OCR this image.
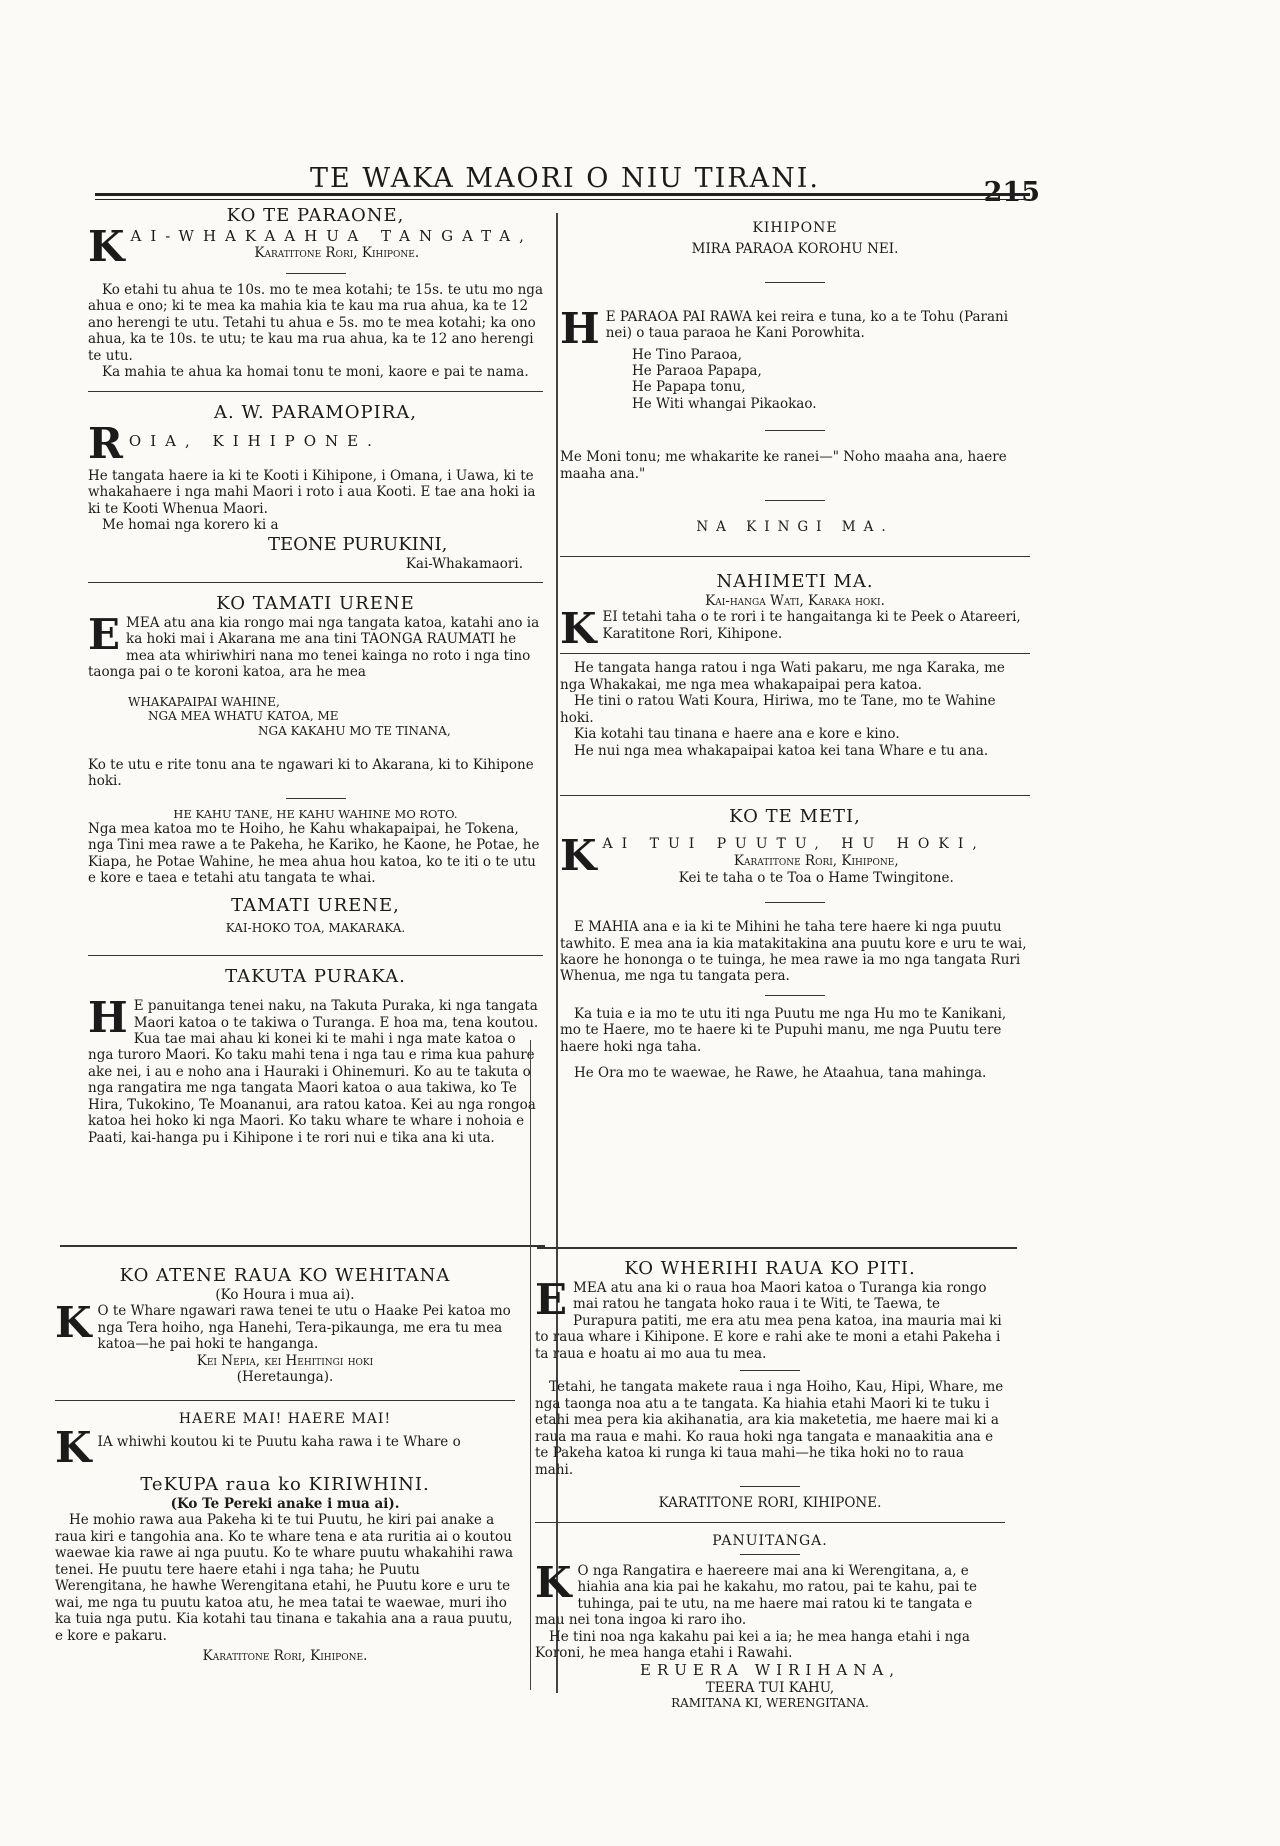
TE WAKA MAORI O NIU TIRANI.	215
KO TE PARAONE,
K AI-WHAKAAHUA TANGATA,
Karatitone Rori, Kihipone.

Ko etahi tu ahua te 10s. mo te mea kotahi; te 15s. te utu mo nga ahua e ono; ki te mea ka mahia kia te kau ma rua ahua, ka te 12 ano herengi te utu. Tetahi tu ahua e 5s. mo te mea kotahi; ka ono ahua, ka te 10s. te utu; te kau ma rua ahua, ka te 12 ano herengi te utu.

Ka mahia te ahua ka homai tonu te moni, kaore e pai te nama.

A. W. PARAMOPIRA,
R OIA, KIHIPONE.

He tangata haere ia ki te Kooti i Kihipone, i Omana, i Uawa, ki te whakahaere i nga mahi Maori i roto i aua Kooti. E tae ana hoki ia ki te Kooti Whenua Maori.

Me homai nga korero ki a

TEONE PURUKINI,
Kai-Whakamaori.
KO TAMATI URENE
E MEA atu ana kia rongo mai nga tangata katoa, katahi ano ia ka hoki mai i Akarana me ana tini TAONGA RAUMATI he mea ata whiriwhiri nana mo tenei kainga no roto i nga tino taonga pai o te koroni katoa, ara he mea

WHAKAPAIPAI WAHINE,
NGA MEA WHATU KATOA, ME
NGA KAKAHU MO TE TINANA,

Ko te utu e rite tonu ana te ngawari ki to Akarana, ki to Kihipone hoki.

HE KAHU TANE, HE KAHU WAHINE MO ROTO.

Nga mea katoa mo te Hoiho, he Kahu whakapaipai, he Tokena, nga Tini mea rawe a te Pakeha, he Kariko, he Kaone, he Potae, he Kiapa, he Potae Wahine, he mea ahua hou katoa, ko te iti o te utu e kore e taea e tetahi atu tangata te whai.

TAMATI URENE,
KAI-HOKO TOA, MAKARAKA.
TAKUTA PURAKA.
H E panuitanga tenei naku, na Takuta Puraka, ki nga tangata Maori katoa o te takiwa o Turanga. E hoa ma, tena koutou. Kua tae mai ahau ki konei ki te mahi i nga mate katoa o nga turoro Maori. Ko taku mahi tena i nga tau e rima kua pahure ake nei, i au e noho ana i Hauraki i Ohinemuri. Ko au te takuta o nga rangatira me nga tangata Maori katoa o aua takiwa, ko Te Hira, Tukokino, Te Moananui, ara ratou katoa. Kei au nga rongoa katoa hei hoko ki nga Maori. Ko taku whare te whare i nohoia e Paati, kai-hanga pu i Kihipone i te rori nui e tika ana ki uta.

KO ATENE RAUA KO WEHITANA
(Ko Houra i mua ai).
K O te Whare ngawari rawa tenei te utu o Haake Pei katoa mo nga Tera hoiho, nga Hanehi, Tera-pikaunga, me era tu mea katoa—he pai hoki te hanganga.

Kei Nepia, kei Hehitingi hoki
(Heretaunga).
HAERE MAI! HAERE MAI!
K IA whiwhi koutou ki te Puutu kaha rawa i te Whare o

TeKUPA raua ko KIRIWHINI.
(Ko Te Pereki anake i mua ai).

He mohio rawa aua Pakeha ki te tui Puutu, he kiri pai anake a raua kiri e tangohia ana. Ko te whare tena e ata ruritia ai o koutou waewae kia rawe ai nga puutu. Ko te whare puutu whakahihi rawa tenei. He puutu tere haere etahi i nga taha; he Puutu Werengitana, he hawhe Werengitana etahi, he Puutu kore e uru te wai, me nga tu puutu katoa atu, he mea tatai te waewae, muri iho ka tuia nga putu. Kia kotahi tau tinana e takahia ana a raua puutu, e kore e pakaru.

Karatitone Rori, Kihipone.
KIHIPONE
MIRA PARAOA KOROHU NEI.
H E PARAOA PAI RAWA kei reira e tuna, ko a te Tohu (Parani nei) o taua paraoa he Kani Porowhita.

He Tino Paraoa,
He Paraoa Papapa,
He Papapa tonu,
He Witi whangai Pikaokao.

Me Moni tonu; me whakarite ke ranei—" Noho maaha ana, haere maaha ana."

NA KINGI MA.
NAHIMETI MA.
Kai-hanga Wati, Karaka hoki.
K EI tetahi taha o te rori i te hangaitanga ki te Peek o Atareeri, Karatitone Rori, Kihipone.

He tangata hanga ratou i nga Wati pakaru, me nga Karaka, me nga Whakakai, me nga mea whakapaipai pera katoa.

He tini o ratou Wati Koura, Hiriwa, mo te Tane, mo te Wahine hoki.

Kia kotahi tau tinana e haere ana e kore e kino.

He nui nga mea whakapaipai katoa kei tana Whare e tu ana.

KO TE METI,
K AI TUI PUUTU, HU HOKI,
Karatitone Rori, Kihipone,
Kei te taha o te Toa o Hame Twingitone.

E MAHIA ana e ia ki te Mihini he taha tere haere ki nga puutu tawhito. E mea ana ia kia matakitakina ana puutu kore e uru te wai, kaore he hononga o te tuinga, he mea rawe ia mo nga tangata Ruri Whenua, me nga tu tangata pera.

Ka tuia e ia mo te utu iti nga Puutu me nga Hu mo te Kanikani, mo te Haere, mo te haere ki te Pupuhi manu, me nga Puutu tere haere hoki nga taha.

He Ora mo te waewae, he Rawe, he Ataahua, tana mahinga.

KO WHERIHI RAUA KO PITI.
E MEA atu ana ki o raua hoa Maori katoa o Turanga kia rongo mai ratou he tangata hoko raua i te Witi, te Taewa, te Purapura patiti, me era atu mea pena katoa, ina mauria mai ki to raua whare i Kihipone. E kore e rahi ake te moni a etahi Pakeha i ta raua e hoatu ai mo aua tu mea.

Tetahi, he tangata makete raua i nga Hoiho, Kau, Hipi, Whare, me nga taonga noa atu a te tangata. Ka hiahia etahi Maori ki te tuku i etahi mea pera kia akihanatia, ara kia maketetia, me haere mai ki a raua ma raua e mahi. Ko raua hoki nga tangata e manaakitia ana e te Pakeha katoa ki runga ki taua mahi—he tika hoki no to raua mahi.

KARATITONE RORI, KIHIPONE.
PANUITANGA.
K O nga Rangatira e haereere mai ana ki Werengitana, a, e hiahia ana kia pai he kakahu, mo ratou, pai te kahu, pai te tuhinga, pai te utu, na me haere mai ratou ki te tangata e mau nei tona ingoa ki raro iho.

He tini noa nga kakahu pai kei a ia; he mea hanga etahi i nga Koroni, he mea hanga etahi i Rawahi.

ERUERA WIRIHANA,
TEERA TUI KAHU,
RAMITANA KI, WERENGITANA.
